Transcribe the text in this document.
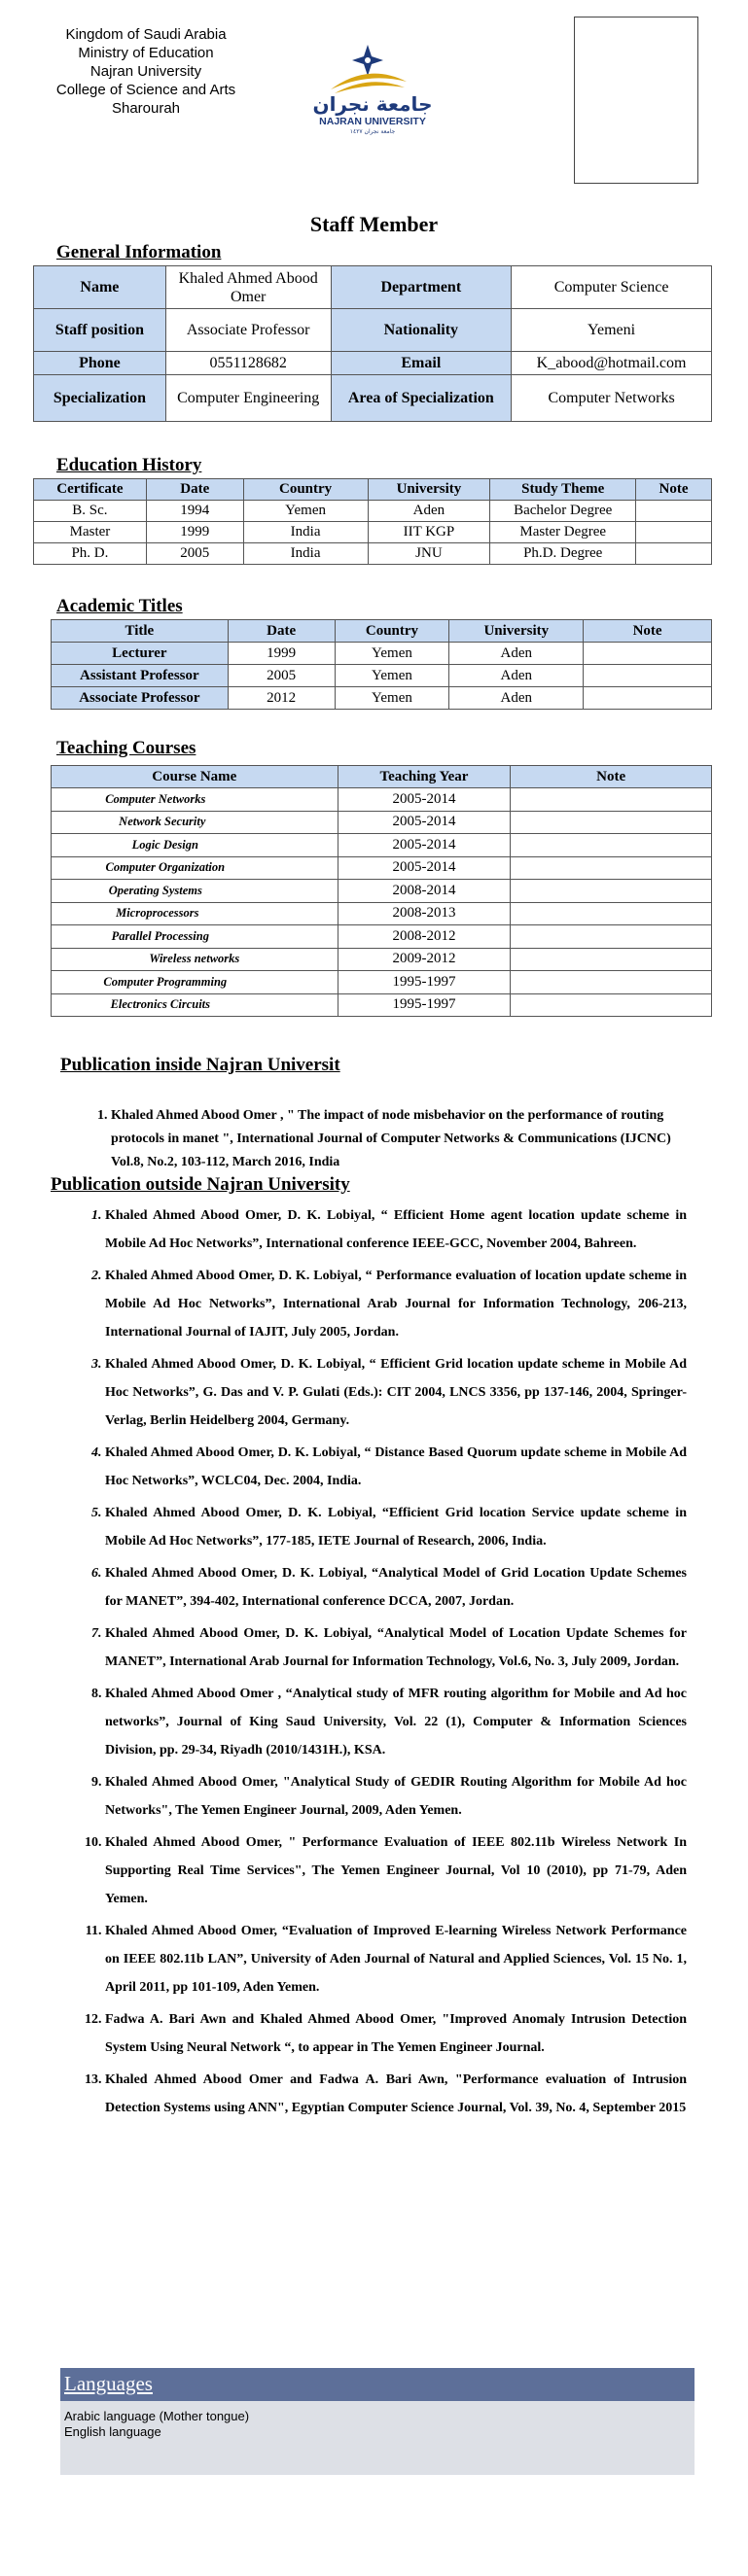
Kingdom of Saudi Arabia
Ministry of Education
Najran University
College of Science and Arts
Sharourah	جامعة نجران
NAJRAN UNIVERSITY
جامعة نجران ١٤٢٧
Staff Member
General Information
Name	Khaled Ahmed Abood Omer	Department	Computer Science
Staff position	Associate Professor	Nationality	Yemeni
Phone	0551128682	Email	K_abood@hotmail.com
Specialization	Computer Engineering	Area of Specialization	Computer Networks
Education History
Certificate	Date	Country	University	Study Theme	Note
B. Sc.	1994	Yemen	Aden	Bachelor Degree	
Master	1999	India	IIT KGP	Master Degree	
Ph. D.	2005	India	JNU	Ph.D. Degree	
Academic Titles
Title	Date	Country	University	Note
Lecturer	1999	Yemen	Aden	
Assistant Professor	2005	Yemen	Aden	
Associate Professor	2012	Yemen	Aden	
Teaching Courses
Course Name	Teaching Year	Note
Computer Networks	2005-2014	
Network Security	2005-2014	
Logic Design	2005-2014	
Computer Organization	2005-2014	
Operating Systems	2008-2014	
Microprocessors	2008-2013	
Parallel Processing	2008-2012	
Wireless networks	2009-2012	
Computer Programming	1995-1997	
Electronics Circuits	1995-1997	
Publication inside Najran Universit
1. Khaled Ahmed Abood Omer , " The impact of node misbehavior on the performance of routing protocols in manet ", International Journal of Computer Networks & Communications (IJCNC) Vol.8, No.2, 103-112, March 2016, India
Publication outside Najran University
1. Khaled Ahmed Abood Omer, D. K. Lobiyal, “ Efficient Home agent location update scheme in Mobile Ad Hoc Networks”, International conference IEEE-GCC, November 2004, Bahreen.
2. Khaled Ahmed Abood Omer, D. K. Lobiyal, “ Performance evaluation of location update scheme in Mobile Ad Hoc Networks”, International Arab Journal for Information Technology, 206-213, International Journal of IAJIT, July 2005, Jordan.
3. Khaled Ahmed Abood Omer, D. K. Lobiyal, “ Efficient Grid location update scheme in Mobile Ad Hoc Networks”, G. Das and V. P. Gulati (Eds.): CIT 2004, LNCS 3356, pp 137-146, 2004, Springer-Verlag, Berlin Heidelberg 2004, Germany.
4. Khaled Ahmed Abood Omer, D. K. Lobiyal, “ Distance Based Quorum update scheme in Mobile Ad Hoc Networks”, WCLC04, Dec. 2004, India.
5. Khaled Ahmed Abood Omer, D. K. Lobiyal, “Efficient Grid location Service update scheme in Mobile Ad Hoc Networks”, 177-185, IETE Journal of Research, 2006, India.
6. Khaled Ahmed Abood Omer, D. K. Lobiyal, “Analytical Model of Grid Location Update Schemes for MANET”, 394-402, International conference DCCA, 2007, Jordan.
7. Khaled Ahmed Abood Omer, D. K. Lobiyal, “Analytical Model of Location Update Schemes for MANET”, International Arab Journal for Information Technology, Vol.6, No. 3, July 2009, Jordan.
8. Khaled Ahmed Abood Omer , “Analytical study of MFR routing algorithm for Mobile and Ad hoc networks”, Journal of King Saud University, Vol. 22 (1), Computer & Information Sciences Division, pp. 29-34, Riyadh (2010/1431H.), KSA.
9. Khaled Ahmed Abood Omer, "Analytical Study of GEDIR Routing Algorithm for Mobile Ad hoc Networks", The Yemen Engineer Journal, 2009, Aden Yemen.
10. Khaled Ahmed Abood Omer, " Performance Evaluation of IEEE 802.11b Wireless Network In Supporting Real Time Services", The Yemen Engineer Journal, Vol 10 (2010), pp 71-79, Aden Yemen.
11. Khaled Ahmed Abood Omer, “Evaluation of Improved E-learning Wireless Network Performance on IEEE 802.11b LAN”, University of Aden Journal of Natural and Applied Sciences, Vol. 15 No. 1, April 2011, pp 101-109, Aden Yemen.
12. Fadwa A. Bari Awn and Khaled Ahmed Abood Omer, "Improved Anomaly Intrusion Detection System Using Neural Network “, to appear in The Yemen Engineer Journal.
13. Khaled Ahmed Abood Omer and Fadwa A. Bari Awn, "Performance evaluation of Intrusion Detection Systems using ANN", Egyptian Computer Science Journal, Vol. 39, No. 4, September 2015
Languages
Arabic language (Mother tongue)
English language
